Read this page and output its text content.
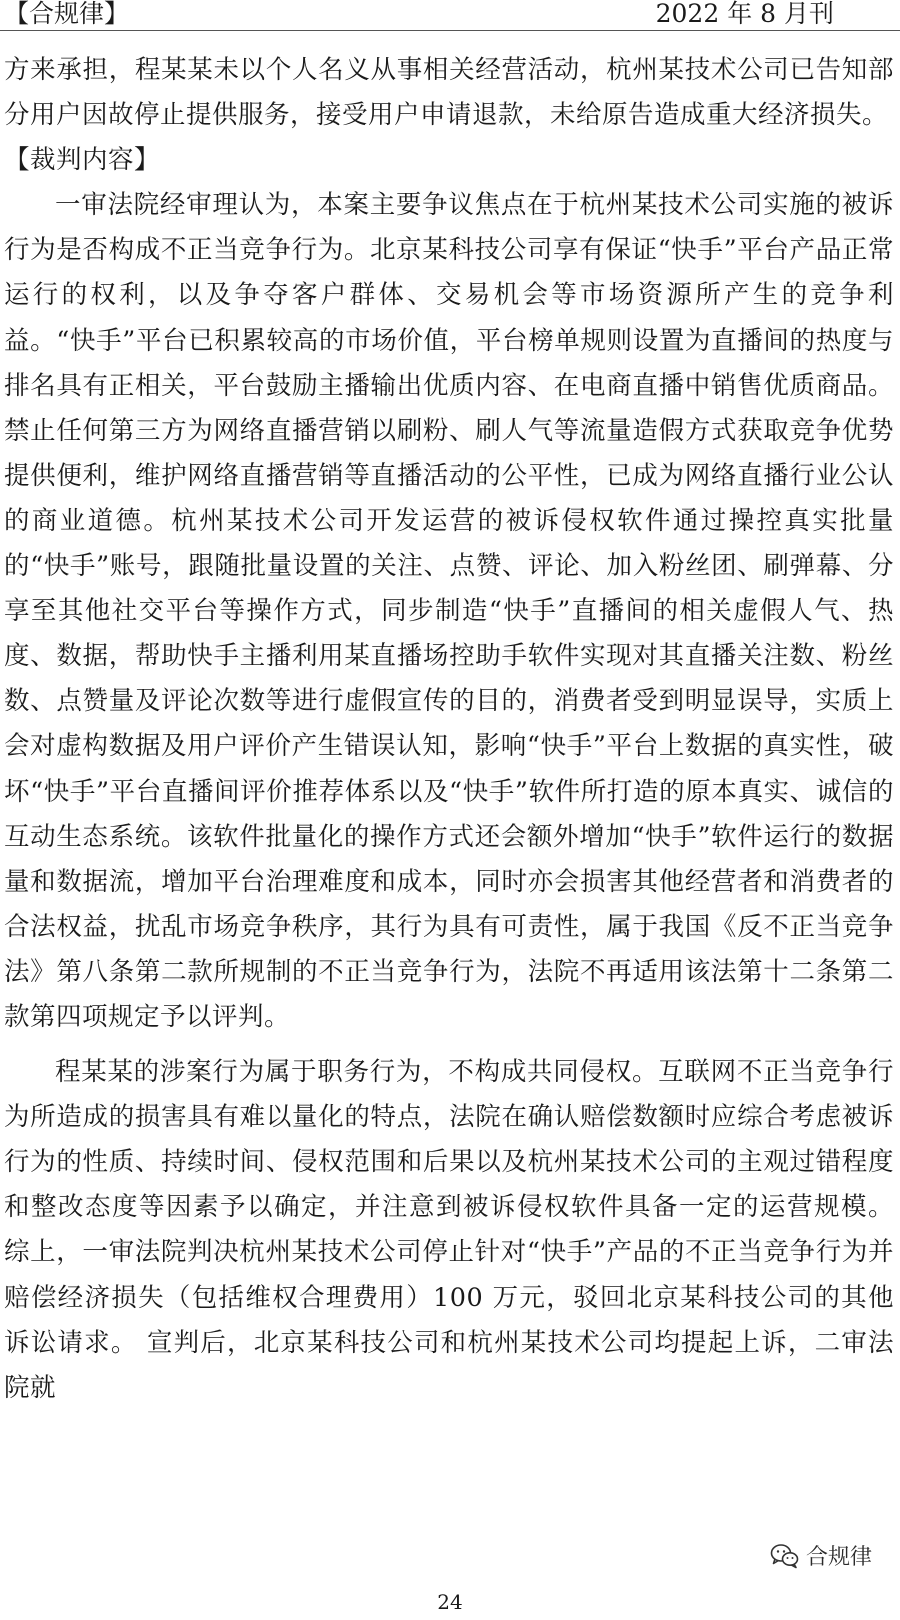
【合规律】	2022 年 8 月刊

方来承担，程某某未以个人名义从事相关经营活动，杭州某技术公司已告知部分用户因故停止提供服务，接受用户申请退款，未给原告造成重大经济损失。

【裁判内容】

一审法院经审理认为，本案主要争议焦点在于杭州某技术公司实施的被诉行为是否构成不正当竞争行为。北京某科技公司享有保证“快手”平台产品正常运行的权利，以及争夺客户群体、交易机会等市场资源所产生的竞争利益。“快手”平台已积累较高的市场价值，平台榜单规则设置为直播间的热度与排名具有正相关，平台鼓励主播输出优质内容、在电商直播中销售优质商品。禁止任何第三方为网络直播营销以刷粉、刷人气等流量造假方式获取竞争优势提供便利，维护网络直播营销等直播活动的公平性，已成为网络直播行业公认的商业道德。杭州某技术公司开发运营的被诉侵权软件通过操控真实批量的“快手”账号，跟随批量设置的关注、点赞、评论、加入粉丝团、刷弹幕、分享至其他社交平台等操作方式，同步制造“快手”直播间的相关虚假人气、热度、数据，帮助快手主播利用某直播场控助手软件实现对其直播关注数、粉丝数、点赞量及评论次数等进行虚假宣传的目的，消费者受到明显误导，实质上会对虚构数据及用户评价产生错误认知，影响“快手”平台上数据的真实性，破坏“快手”平台直播间评价推荐体系以及“快手”软件所打造的原本真实、诚信的互动生态系统。该软件批量化的操作方式还会额外增加“快手”软件运行的数据量和数据流，增加平台治理难度和成本，同时亦会损害其他经营者和消费者的合法权益，扰乱市场竞争秩序，其行为具有可责性，属于我国《反不正当竞争法》第八条第二款所规制的不正当竞争行为，法院不再适用该法第十二条第二款第四项规定予以评判。

程某某的涉案行为属于职务行为，不构成共同侵权。互联网不正当竞争行为所造成的损害具有难以量化的特点，法院在确认赔偿数额时应综合考虑被诉行为的性质、持续时间、侵权范围和后果以及杭州某技术公司的主观过错程度和整改态度等因素予以确定，并注意到被诉侵权软件具备一定的运营规模。 综上，一审法院判决杭州某技术公司停止针对“快手”产品的不正当竞争行为并赔偿经济损失（包括维权合理费用）100 万元，驳回北京某科技公司的其他诉讼请求。 宣判后，北京某科技公司和杭州某技术公司均提起上诉，二审法院就

合规律
24
